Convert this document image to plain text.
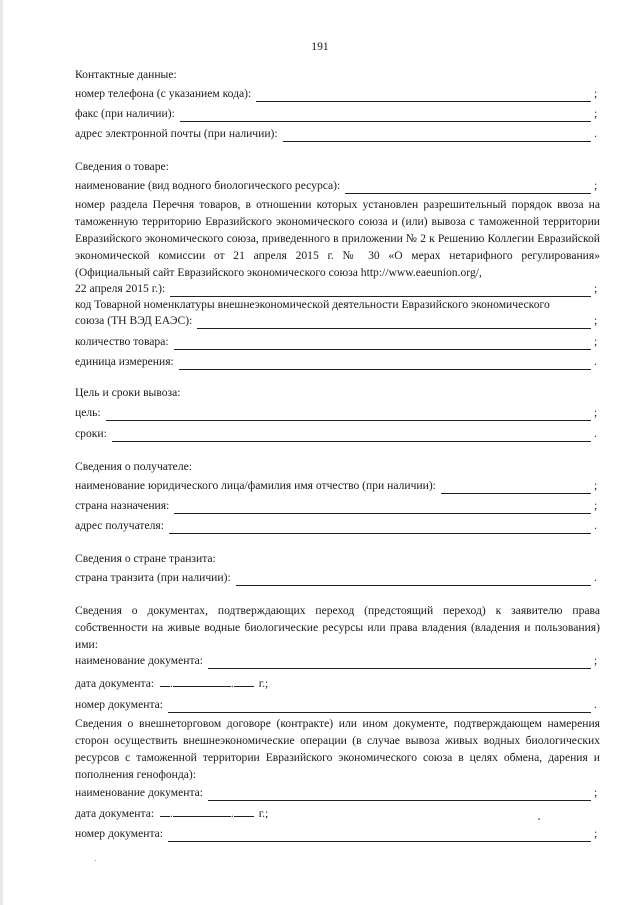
191
Контактные данные:
номер телефона (с указанием кода):	;
факс (при наличии):	;
адрес электронной почты (при наличии):	.
Сведения о товаре:
наименование (вид водного биологического ресурса):	;
номер раздела Перечня товаров, в отношении которых установлен разрешительный порядок ввоза на таможенную территорию Евразийского экономического союза и (или) вывоза с таможенной территории Евразийского экономического союза, приведенного в приложении № 2 к Решению Коллегии Евразийской экономической комиссии от 21 апреля 2015 г. № 30 «О мерах нетарифного регулирования» (Официальный сайт Евразийского экономического союза http://www.eaeunion.org/,
22 апреля 2015 г.):	;
код Товарной номенклатуры внешнеэкономической деятельности Евразийского экономического
союза (ТН ВЭД ЕАЭС):	;
количество товара:	;
единица измерения:	.
Цель и сроки вывоза:
цель:	;
сроки:	.
Сведения о получателе:
наименование юридического лица/фамилия имя отчество (при наличии):	;
страна назначения:	;
адрес получателя:	.
Сведения о стране транзита:
страна транзита (при наличии):	.
Сведения о документах, подтверждающих переход (предстоящий переход) к заявителю права собственности на живые водные биологические ресурсы или права владения (владения и пользования) ими:
наименование документа:	;
дата документа: .	. г.;
номер документа:	.
Сведения о внешнеторговом договоре (контракте) или ином документе, подтверждающем намерения сторон осуществить внешнеэкономические операции (в случае вывоза живых водных биологических ресурсов с таможенной территории Евразийского экономического союза в целях обмена, дарения и пополнения генофонда):
наименование документа:	;
дата документа: .	. г.;
номер документа:	;
